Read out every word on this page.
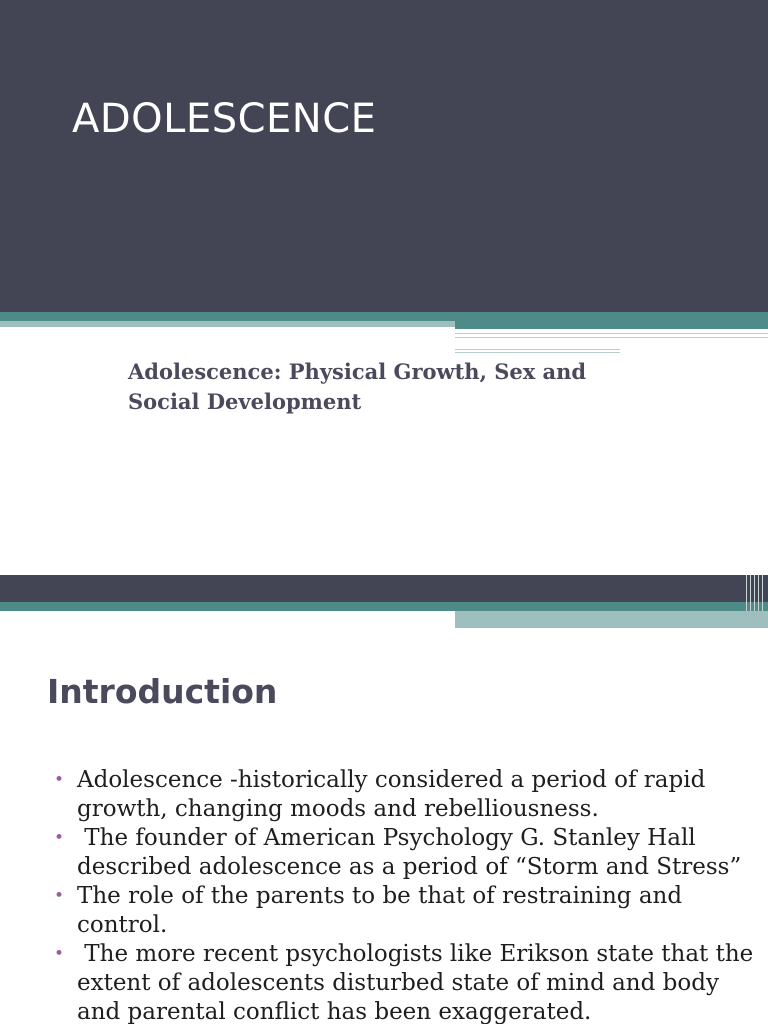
ADOLESCENCE
Adolescence: Physical Growth, Sex and
Social Development
Introduction
• Adolescence -historically considered a period of rapid
growth, changing moods and rebelliousness.
• The founder of American Psychology G. Stanley Hall
described adolescence as a period of “Storm and Stress”
• The role of the parents to be that of restraining and
control.
• The more recent psychologists like Erikson state that the
extent of adolescents disturbed state of mind and body
and parental conflict has been exaggerated.
